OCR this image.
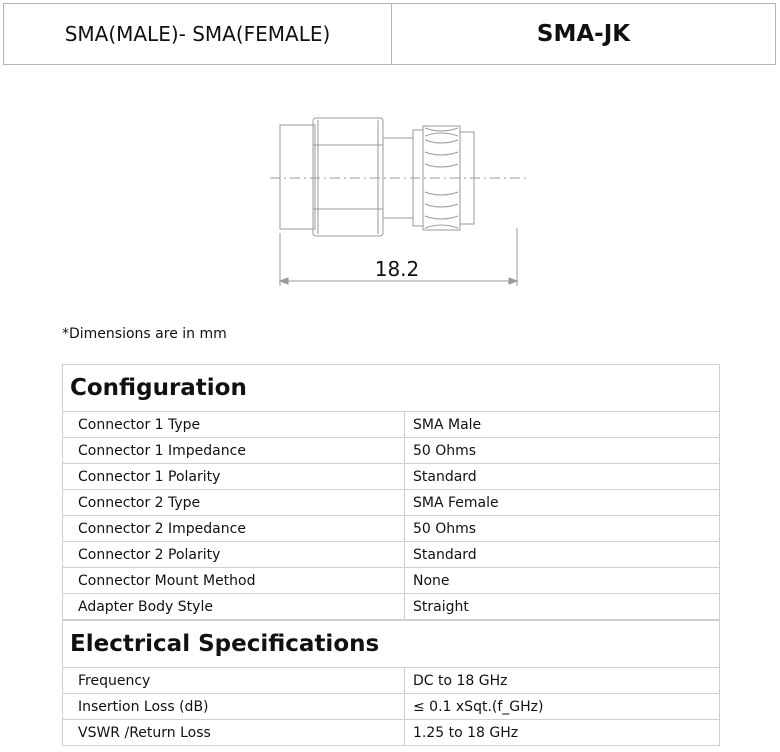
SMA(MALE)- SMA(FEMALE)	SMA-JK
18.2
*Dimensions are in mm
Configuration
Connector 1 Type	SMA Male
Connector 1 Impedance	50 Ohms
Connector 1 Polarity	Standard
Connector 2 Type	SMA Female
Connector 2 Impedance	50 Ohms
Connector 2 Polarity	Standard
Connector Mount Method	None
Adapter Body Style	Straight
Electrical Specifications
Frequency	DC to 18 GHz
Insertion Loss (dB)	≤ 0.1 xSqt.(f_GHz)
VSWR /Return Loss	1.25 to 18 GHz
